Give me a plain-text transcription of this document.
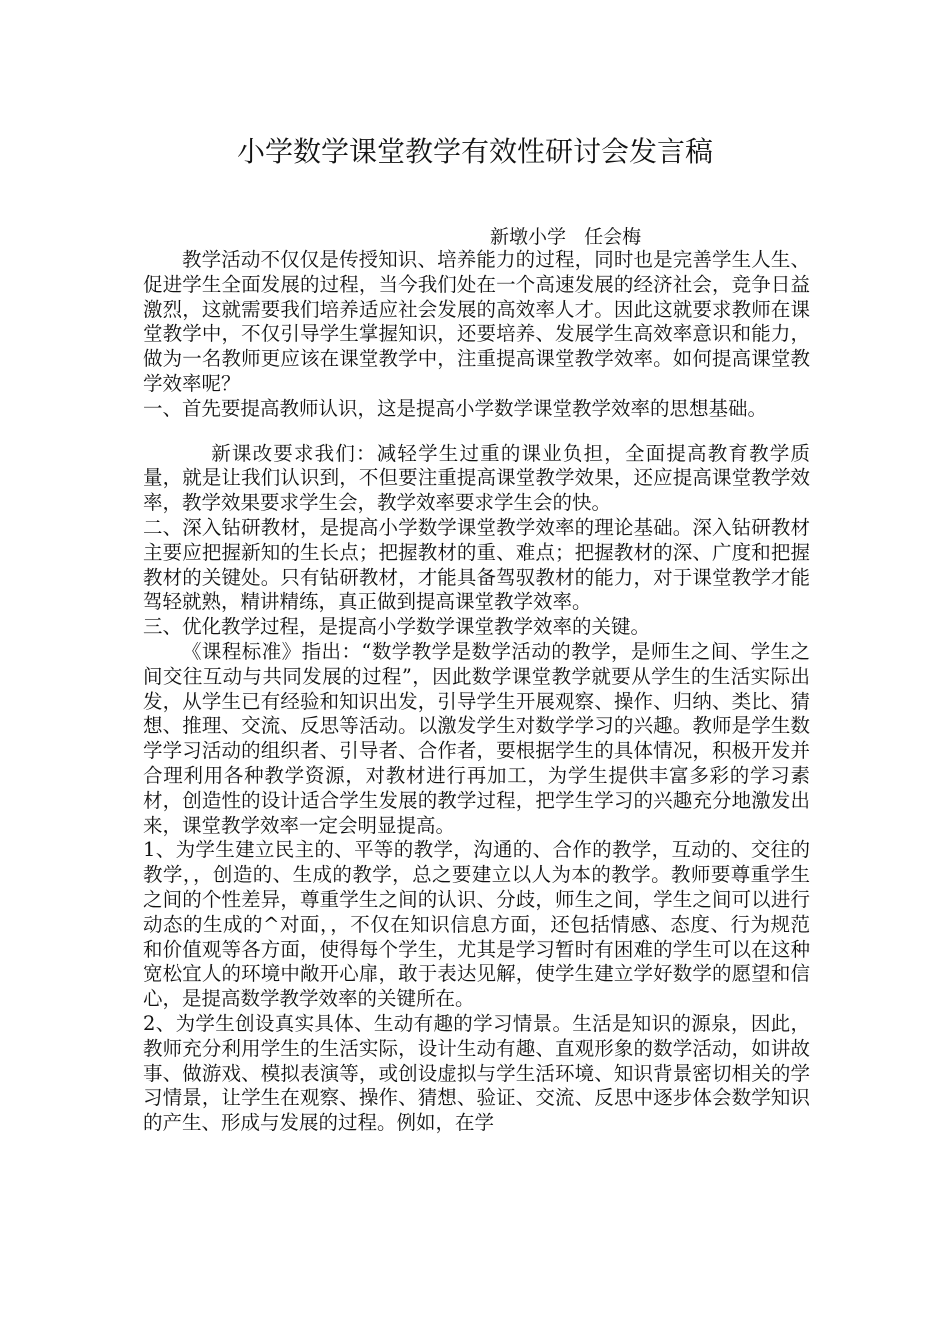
小学数学课堂教学有效性研讨会发言稿
新墩小学   任会梅

教学活动不仅仅是传授知识、培养能力的过程，同时也是完善学生人生、促进学生全面发展的过程，当今我们处在一个高速发展的经济社会，竞争日益激烈，这就需要我们培养适应社会发展的高效率人才。因此这就要求教师在课堂教学中，不仅引导学生掌握知识，还要培养、发展学生高效率意识和能力，做为一名教师更应该在课堂教学中，注重提高课堂教学效率。如何提高课堂教学效率呢？

一、首先要提高教师认识，这是提高小学数学课堂教学效率的思想基础。

新课改要求我们：减轻学生过重的课业负担，全面提高教育教学质量，就是让我们认识到，不但要注重提高课堂教学效果，还应提高课堂教学效率，教学效果要求学生会，教学效率要求学生会的快。

二、深入钻研教材，是提高小学数学课堂教学效率的理论基础。深入钻研教材主要应把握新知的生长点；把握教材的重、难点；把握教材的深、广度和把握教材的关键处。只有钻研教材，才能具备驾驭教材的能力，对于课堂教学才能驾轻就熟，精讲精练，真正做到提高课堂教学效率。

三、优化教学过程，是提高小学数学课堂教学效率的关键。

《课程标准》指出：“数学教学是数学活动的教学，是师生之间、学生之间交往互动与共同发展的过程”，因此数学课堂教学就要从学生的生活实际出发，从学生已有经验和知识出发，引导学生开展观察、操作、归纳、类比、猜想、推理、交流、反思等活动。以激发学生对数学学习的兴趣。教师是学生数学学习活动的组织者、引导者、合作者，要根据学生的具体情况，积极开发并合理利用各种教学资源，对教材进行再加工，为学生提供丰富多彩的学习素材，创造性的设计适合学生发展的教学过程，把学生学习的兴趣充分地激发出来，课堂教学效率一定会明显提高。

1、为学生建立民主的、平等的教学，沟通的、合作的教学，互动的、交往的教学，，创造的、生成的教学，总之要建立以人为本的教学。教师要尊重学生之间的个性差异，尊重学生之间的认识、分歧，师生之间，学生之间可以进行动态的生成的^对面，，不仅在知识信息方面，还包括情感、态度、行为规范和价值观等各方面，使得每个学生，尤其是学习暂时有困难的学生可以在这种宽松宜人的环境中敞开心扉，敢于表达见解，使学生建立学好数学的愿望和信心，是提高数学教学效率的关键所在。

2、为学生创设真实具体、生动有趣的学习情景。生活是知识的源泉，因此，教师充分利用学生的生活实际，设计生动有趣、直观形象的数学活动，如讲故事、做游戏、模拟表演等，或创设虚拟与学生活环境、知识背景密切相关的学习情景，让学生在观察、操作、猜想、验证、交流、反思中逐步体会数学知识的产生、形成与发展的过程。例如，在学
